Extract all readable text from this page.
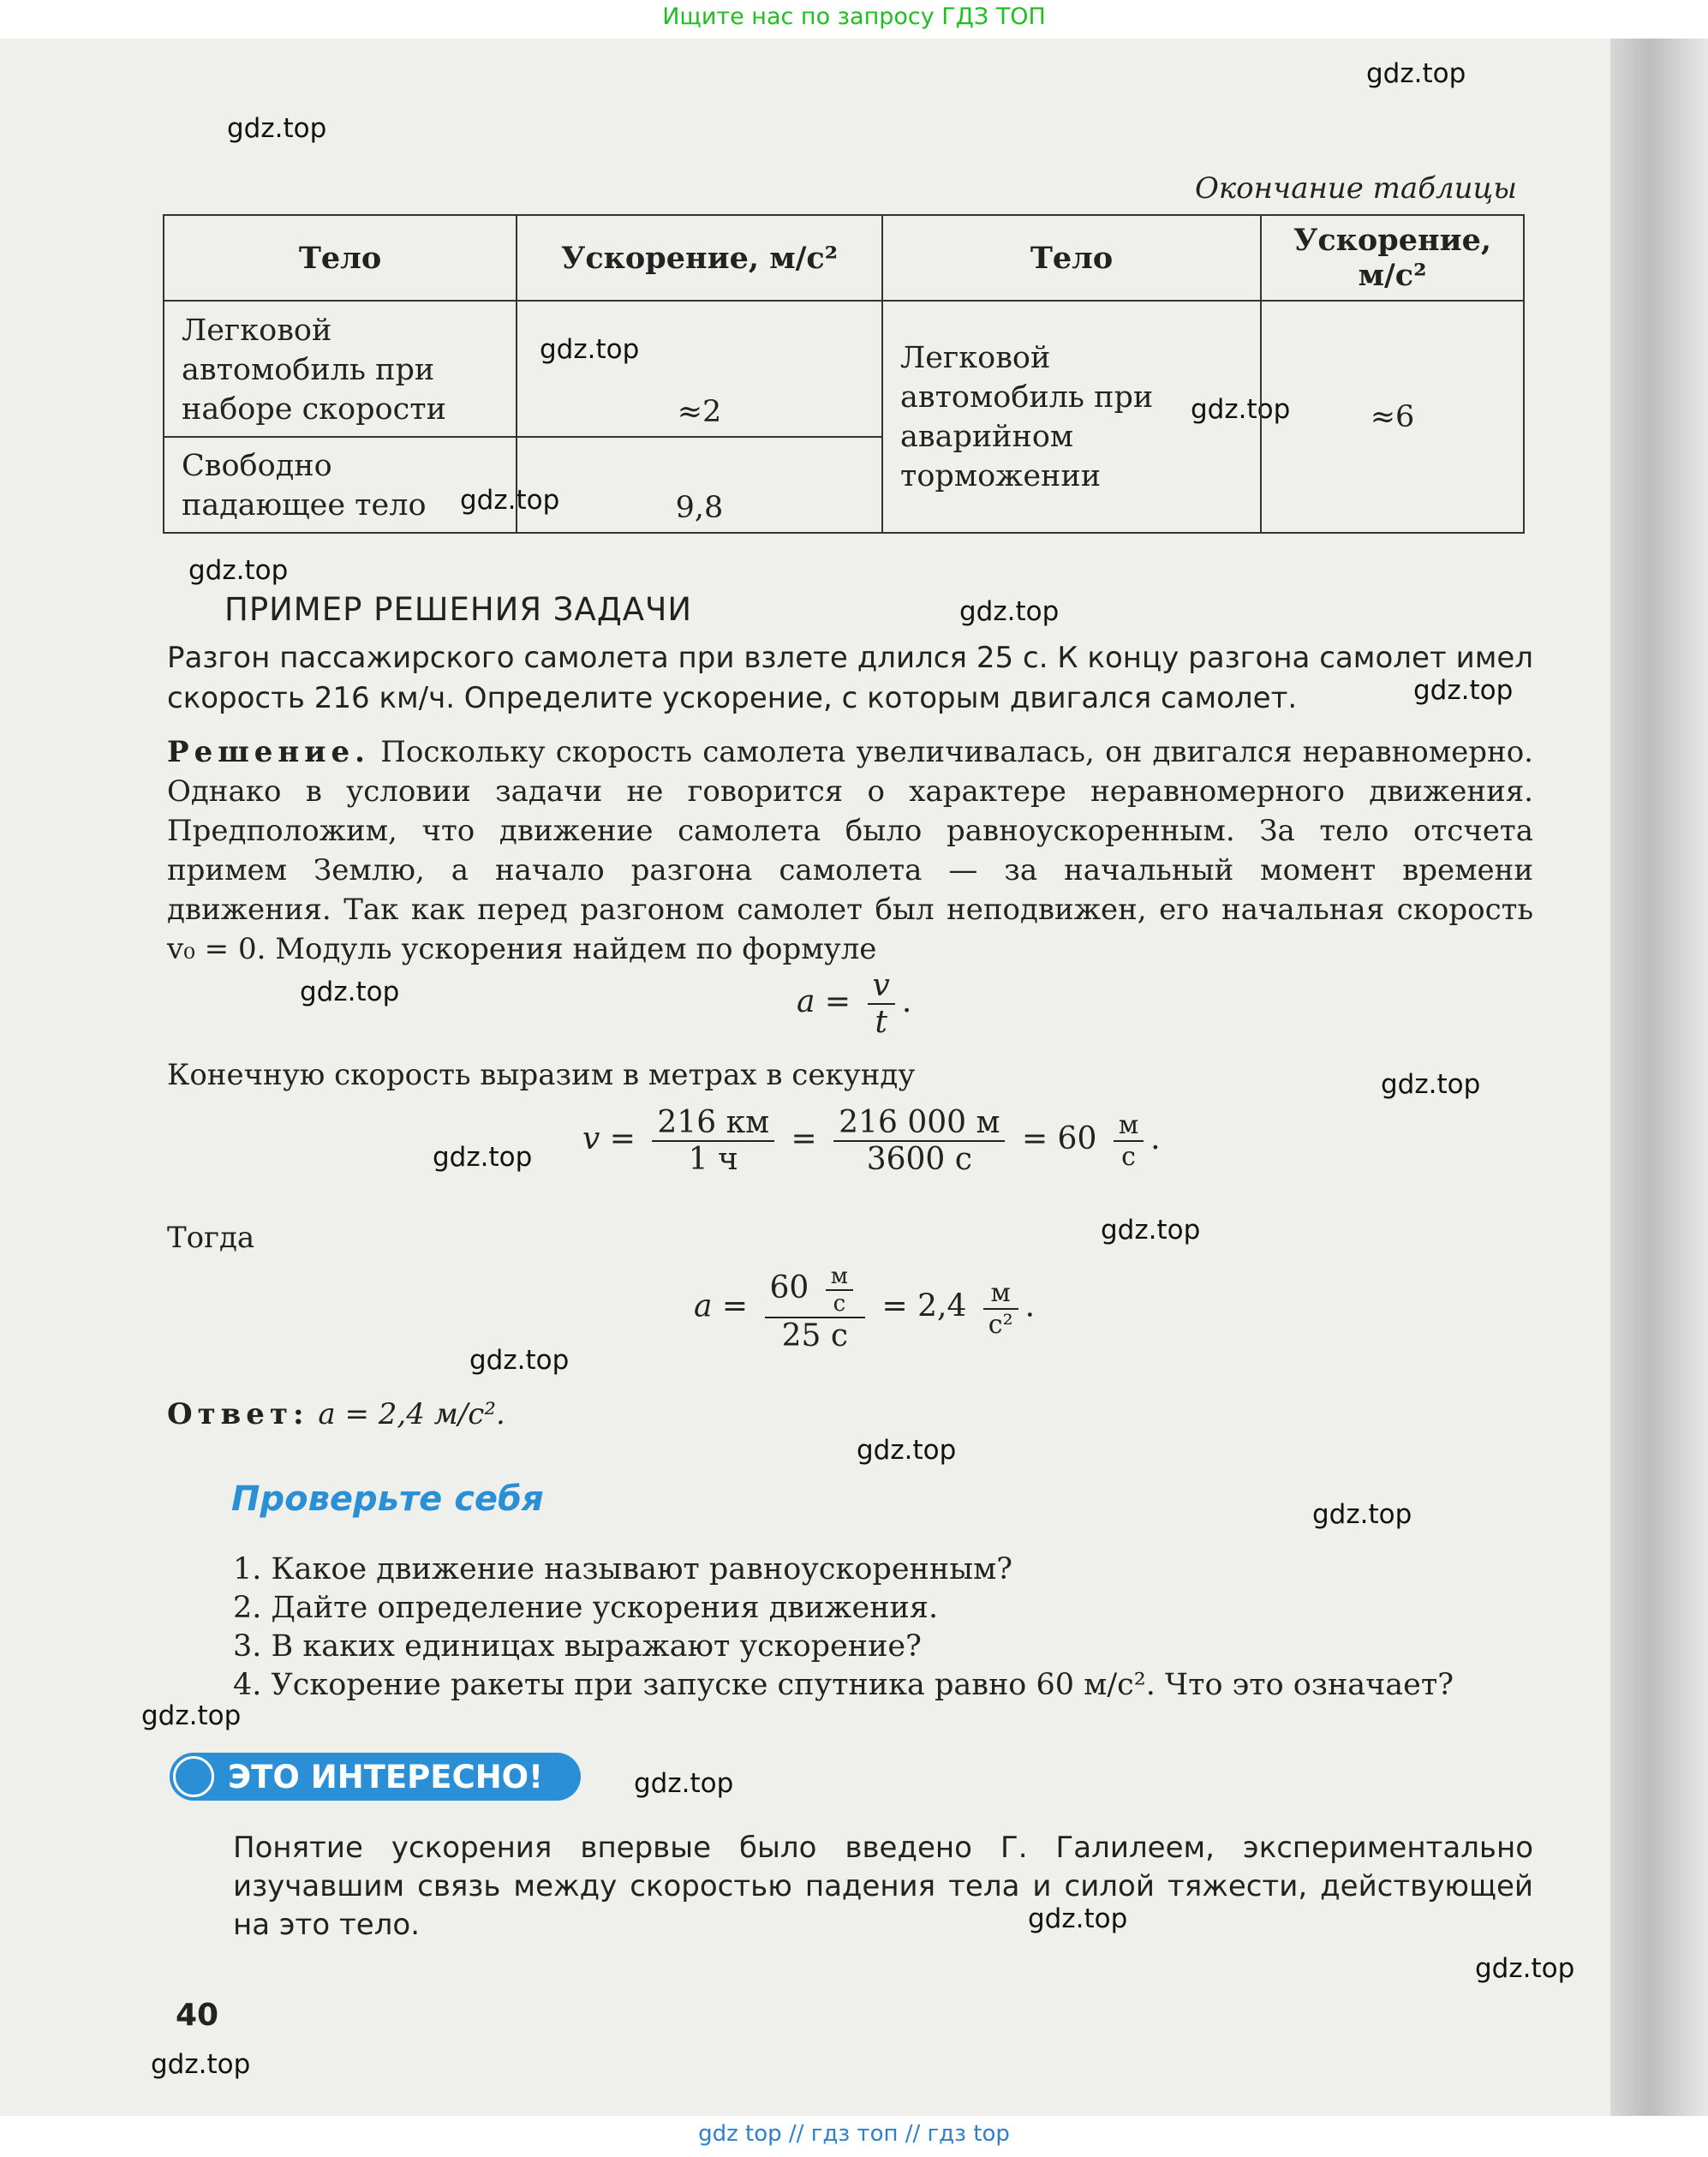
Ищите нас по запросу ГДЗ ТОП
gdz.top
gdz.top
gdz.top
gdz.top
gdz.top
gdz.top
gdz.top
gdz.top
gdz.top
gdz.top
gdz.top
gdz.top
gdz.top
gdz.top
gdz.top
gdz.top
gdz.top
gdz.top
gdz.top
gdz.top
Окончание таблицы
Тело	Ускорение, м/с²	Тело	Ускорение, м/с²
Легковой автомобиль при наборе скорости	≈2	Легковой автомобиль при аварийном торможении	≈6
Свободно падающее тело	9,8		
ПРИМЕР РЕШЕНИЯ ЗАДАЧИ
Разгон пассажирского самолета при взлете длился 25 с. К концу разгона самолет имел скорость 216 км/ч. Определите ускорение, с которым двигался самолет.
Решение. Поскольку скорость самолета увеличивалась, он двигался неравномерно. Однако в условии задачи не говорится о характере неравномерного движения. Предположим, что движение самолета было равноускоренным. За тело отсчета примем Землю, а начало разгона самолета — за начальный момент времени движения. Так как перед разгоном самолет был неподвижен, его начальная скорость v₀ = 0. Модуль ускорения найдем по формуле
$a = \frac{v}{t}$ .
Конечную скорость выразим в метрах в секунду
$v = \frac{216 км}{1 ч} = \frac{216 000 м}{3600 с} = 60 \frac{м}{с}$ .
Тогда
$a = \frac{60 \frac{м}{с}}{25 с} = 2,4 \frac{м}{\text{с²}}$ .
Ответ: a = 2,4 м/с².
Проверьте себя
1. Какое движение называют равноускоренным?
2. Дайте определение ускорения движения.
3. В каких единицах выражают ускорение?
4. Ускорение ракеты при запуске спутника равно 60 м/с². Что это означает?
ЭТО ИНТЕРЕСНО!
Понятие ускорения впервые было введено Г. Галилеем, экспериментально изучавшим связь между скоростью падения тела и силой тяжести, действующей на это тело.
40
gdz top // гдз топ // гдз top
